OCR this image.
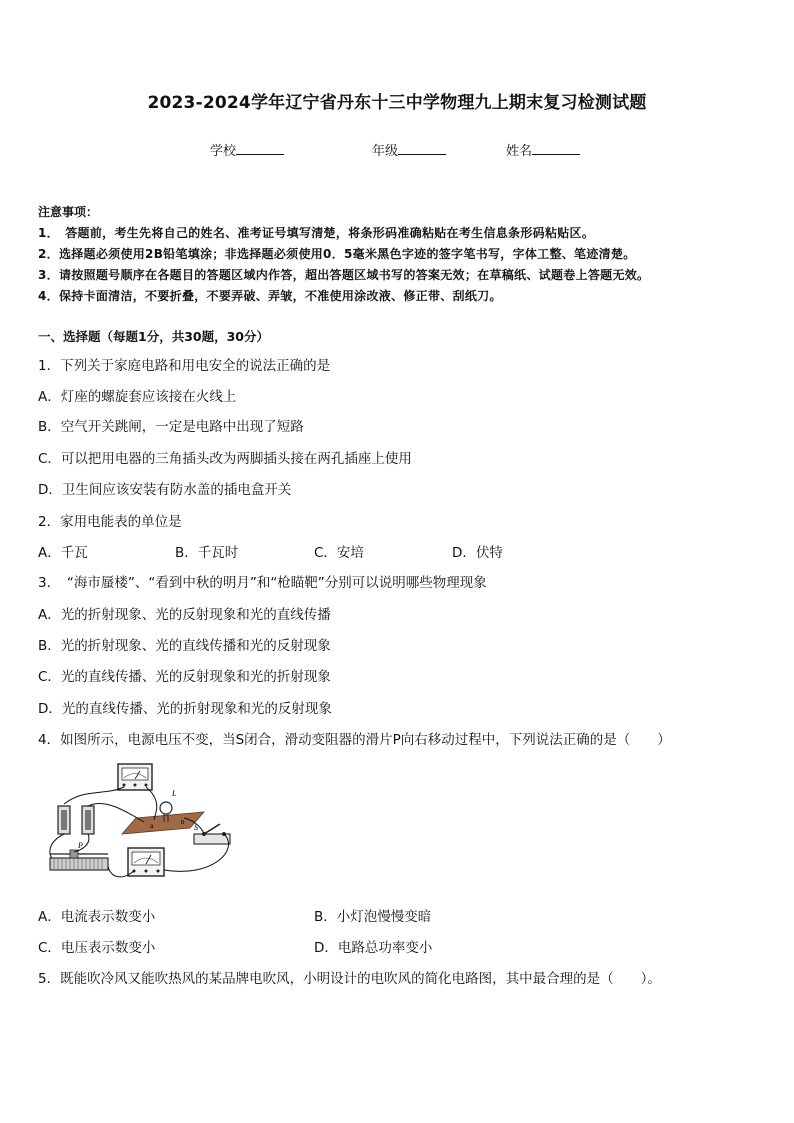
2023-2024学年辽宁省丹东十三中学物理九上期末复习检测试题
学校	年级	姓名
注意事项：
1．　答题前，考生先将自己的姓名、准考证号填写清楚，将条形码准确粘贴在考生信息条形码粘贴区。
2．选择题必须使用2B铅笔填涂；非选择题必须使用0．5毫米黑色字迹的签字笔书写，字体工整、笔迹清楚。
3．请按照题号顺序在各题目的答题区域内作答，超出答题区域书写的答案无效；在草稿纸、试题卷上答题无效。
4．保持卡面清洁，不要折叠，不要弄破、弄皱，不准使用涂改液、修正带、刮纸刀。
一、选择题（每题1分，共30题，30分）
1．下列关于家庭电路和用电安全的说法正确的是
A．灯座的螺旋套应该接在火线上
B．空气开关跳闸，一定是电路中出现了短路
C．可以把用电器的三角插头改为两脚插头接在两孔插座上使用
D．卫生间应该安装有防水盖的插电盒开关
2．家用电能表的单位是
A．千瓦	B．千瓦时	C．安培	D．伏特
3．　“海市蜃楼”、“看到中秋的明月”和“枪瞄靶”分别可以说明哪些物理现象
A．光的折射现象、光的反射现象和光的直线传播
B．光的折射现象、光的直线传播和光的反射现象
C．光的直线传播、光的反射现象和光的折射现象
D．光的直线传播、光的折射现象和光的反射现象
4．如图所示，电源电压不变，当S闭合，滑动变阻器的滑片P向右移动过程中，下列说法正确的是（　　）
L
a
b S
P
A．电流表示数变小	B．小灯泡慢慢变暗
C．电压表示数变小	D．电路总功率变小
5．既能吹冷风又能吹热风的某品牌电吹风，小明设计的电吹风的简化电路图，其中最合理的是（　　）。
